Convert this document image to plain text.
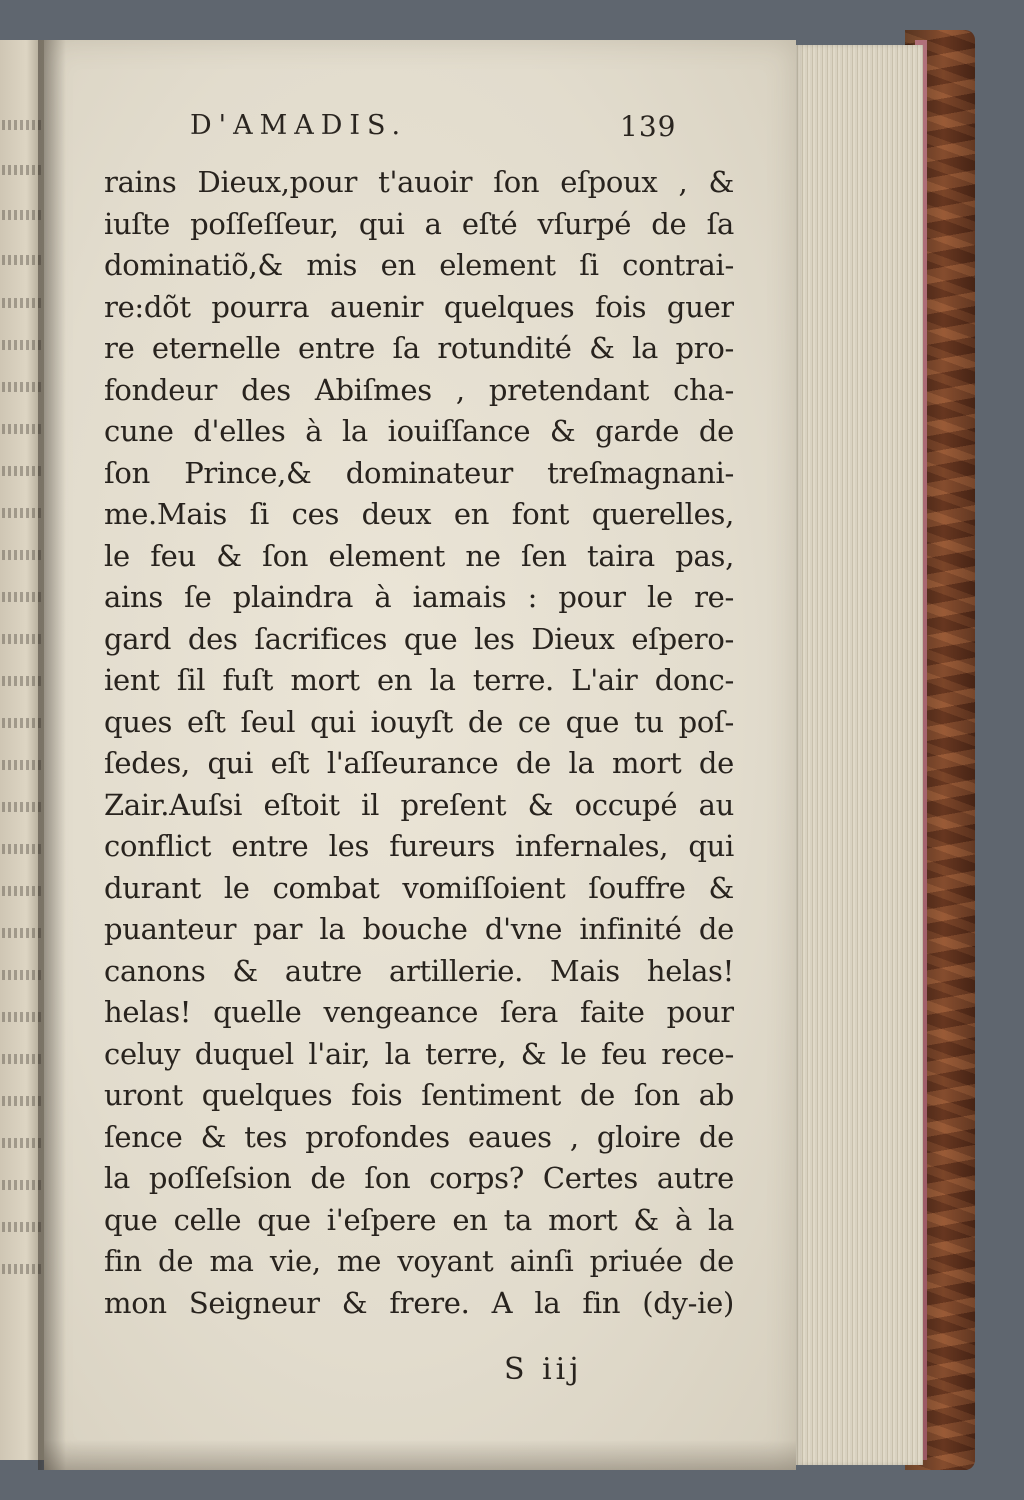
D'AMADIS.	139
rains Dieux,pour t'auoir ſon eſpoux , &
iuſte poſſeſſeur, qui a eſté vſurpé de ſa
dominatiõ,& mis en element ſi contrai-
re:dõt pourra auenir quelques fois guer
re eternelle entre ſa rotundité & la pro-
fondeur des Abiſmes , pretendant cha-
cune d'elles à la iouiſſance & garde de
ſon Prince,& dominateur treſmagnani-
me.Mais ſi ces deux en font querelles,
le feu & ſon element ne ſen taira pas,
ains ſe plaindra à iamais : pour le re-
gard des ſacrifices que les Dieux eſpero-
ient ſil fuſt mort en la terre. L'air donc-
ques eſt ſeul qui iouyſt de ce que tu poſ-
ſedes, qui eſt l'aſſeurance de la mort de
Zair.Auſsi eſtoit il preſent & occupé au
conflict entre les fureurs infernales, qui
durant le combat vomiſſoient ſouffre &
puanteur par la bouche d'vne infinité de
canons & autre artillerie. Mais helas!
helas! quelle vengeance ſera faite pour
celuy duquel l'air, la terre, & le feu rece-
uront quelques fois ſentiment de ſon ab
ſence & tes profondes eaues , gloire de
la poſſeſsion de ſon corps? Certes autre
que celle que i'eſpere en ta mort & à la
fin de ma vie, me voyant ainſi priuée de
mon Seigneur & frere. A la fin (dy-ie)
S iij
